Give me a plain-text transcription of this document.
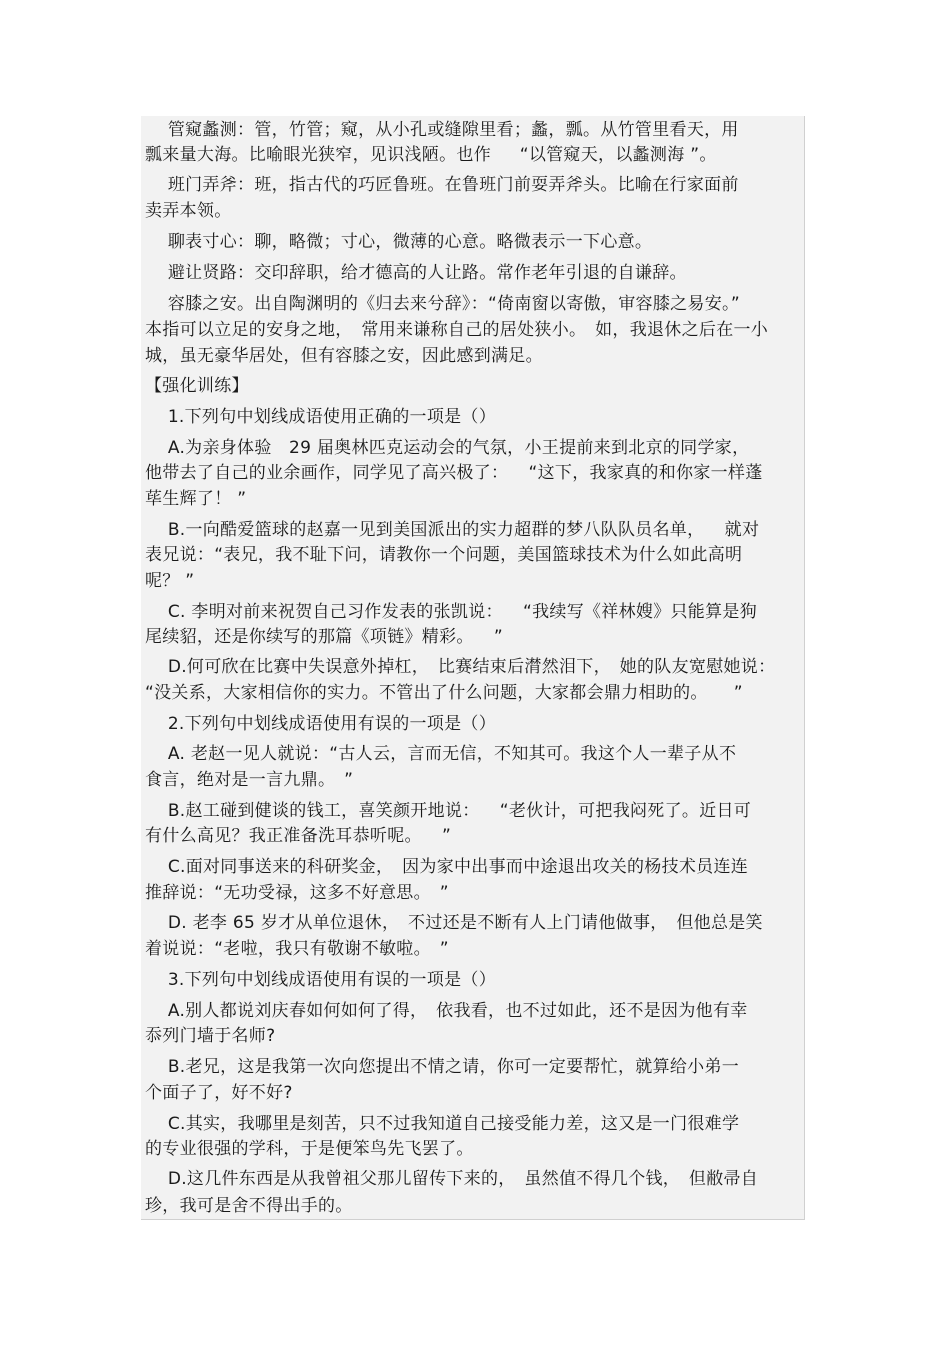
管窥蠡测：管，竹管；窥，从小孔或缝隙里看；蠡，瓢。从竹管里看天，用
瓢来量大海。比喻眼光狭窄，见识浅陋。也作　  “以管窥天，以蠡测海 ”。
班门弄斧：班，指古代的巧匠鲁班。在鲁班门前耍弄斧头。比喻在行家面前
卖弄本领。
聊表寸心：聊，略微；寸心，微薄的心意。略微表示一下心意。
避让贤路：交印辞职，给才德高的人让路。常作老年引退的自谦辞。
容膝之安。出自陶渊明的《归去来兮辞》：“倚南窗以寄傲，审容膝之易安。”
本指可以立足的安身之地，　常用来谦称自己的居处狭小。　如，我退休之后在一小
城，虽无豪华居处，但有容膝之安，因此感到满足。
【强化训练】
1.下列句中划线成语使用正确的一项是（）
A.为亲身体验　29 届奥林匹克运动会的气氛，小王提前来到北京的同学家，
他带去了自己的业余画作，同学见了高兴极了：　  “这下，我家真的和你家一样蓬
荜生辉了！ ”
B.一向酷爱篮球的赵嘉一见到美国派出的实力超群的梦八队队员名单，　  就对
表兄说：“表兄，我不耻下问，请教你一个问题，美国篮球技术为什么如此高明
呢？ ”
C. 李明对前来祝贺自己习作发表的张凯说：　  “我续写《祥林嫂》只能算是狗
尾续貂，还是你续写的那篇《项链》精彩。　  ”
D.何可欣在比赛中失误意外掉杠，　比赛结束后潸然泪下，　她的队友宽慰她说：
“没关系，大家相信你的实力。不管出了什么问题，大家都会鼎力相助的。　　”
2.下列句中划线成语使用有误的一项是（）
A. 老赵一见人就说：“古人云，言而无信，不知其可。我这个人一辈子从不
食言，绝对是一言九鼎。　”
B.赵工碰到健谈的钱工，喜笑颜开地说：　  “老伙计，可把我闷死了。近日可
有什么高见？我正准备洗耳恭听呢。　  ”
C.面对同事送来的科研奖金，　因为家中出事而中途退出攻关的杨技术员连连
推辞说：“无功受禄，这多不好意思。　”
D. 老李 65 岁才从单位退休，　不过还是不断有人上门请他做事，　但他总是笑
着说说：“老啦，我只有敬谢不敏啦。　”
3.下列句中划线成语使用有误的一项是（）
A.别人都说刘庆春如何如何了得，　依我看，也不过如此，还不是因为他有幸
忝列门墙于名师?
B.老兄，这是我第一次向您提出不情之请，你可一定要帮忙，就算给小弟一
个面子了，好不好?
C.其实，我哪里是刻苦，只不过我知道自己接受能力差，这又是一门很难学
的专业很强的学科，于是便笨鸟先飞罢了。
D.这几件东西是从我曾祖父那儿留传下来的，　虽然值不得几个钱，　但敝帚自
珍，我可是舍不得出手的。
